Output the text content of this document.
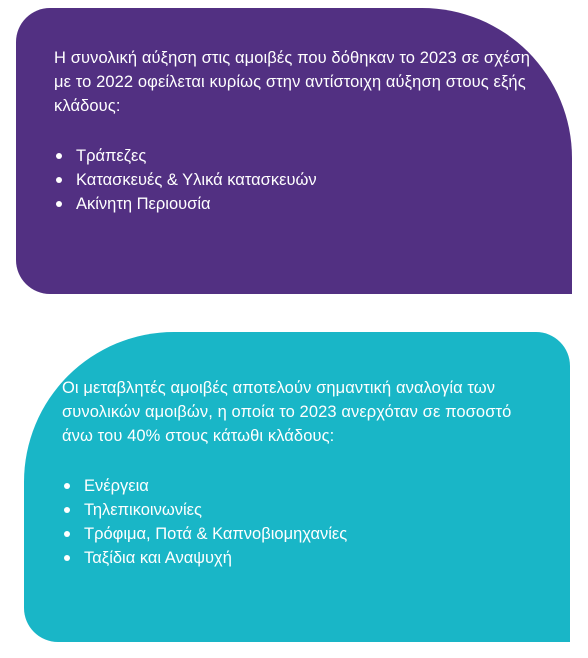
Η συνολική αύξηση στις αμοιβές που δόθηκαν το 2023 σε σχέση με το 2022 οφείλεται κυρίως στην αντίστοιχη αύξηση στους εξής κλάδους:

Τράπεζες
Κατασκευές & Υλικά κατασκευών
Ακίνητη Περιουσία

Οι μεταβλητές αμοιβές αποτελούν σημαντική αναλογία των συνολικών αμοιβών, η οποία το 2023 ανερχόταν σε ποσοστό άνω του 40% στους κάτωθι κλάδους:

Ενέργεια
Τηλεπικοινωνίες
Τρόφιμα, Ποτά & Καπνοβιομηχανίες
Ταξίδια και Αναψυχή
